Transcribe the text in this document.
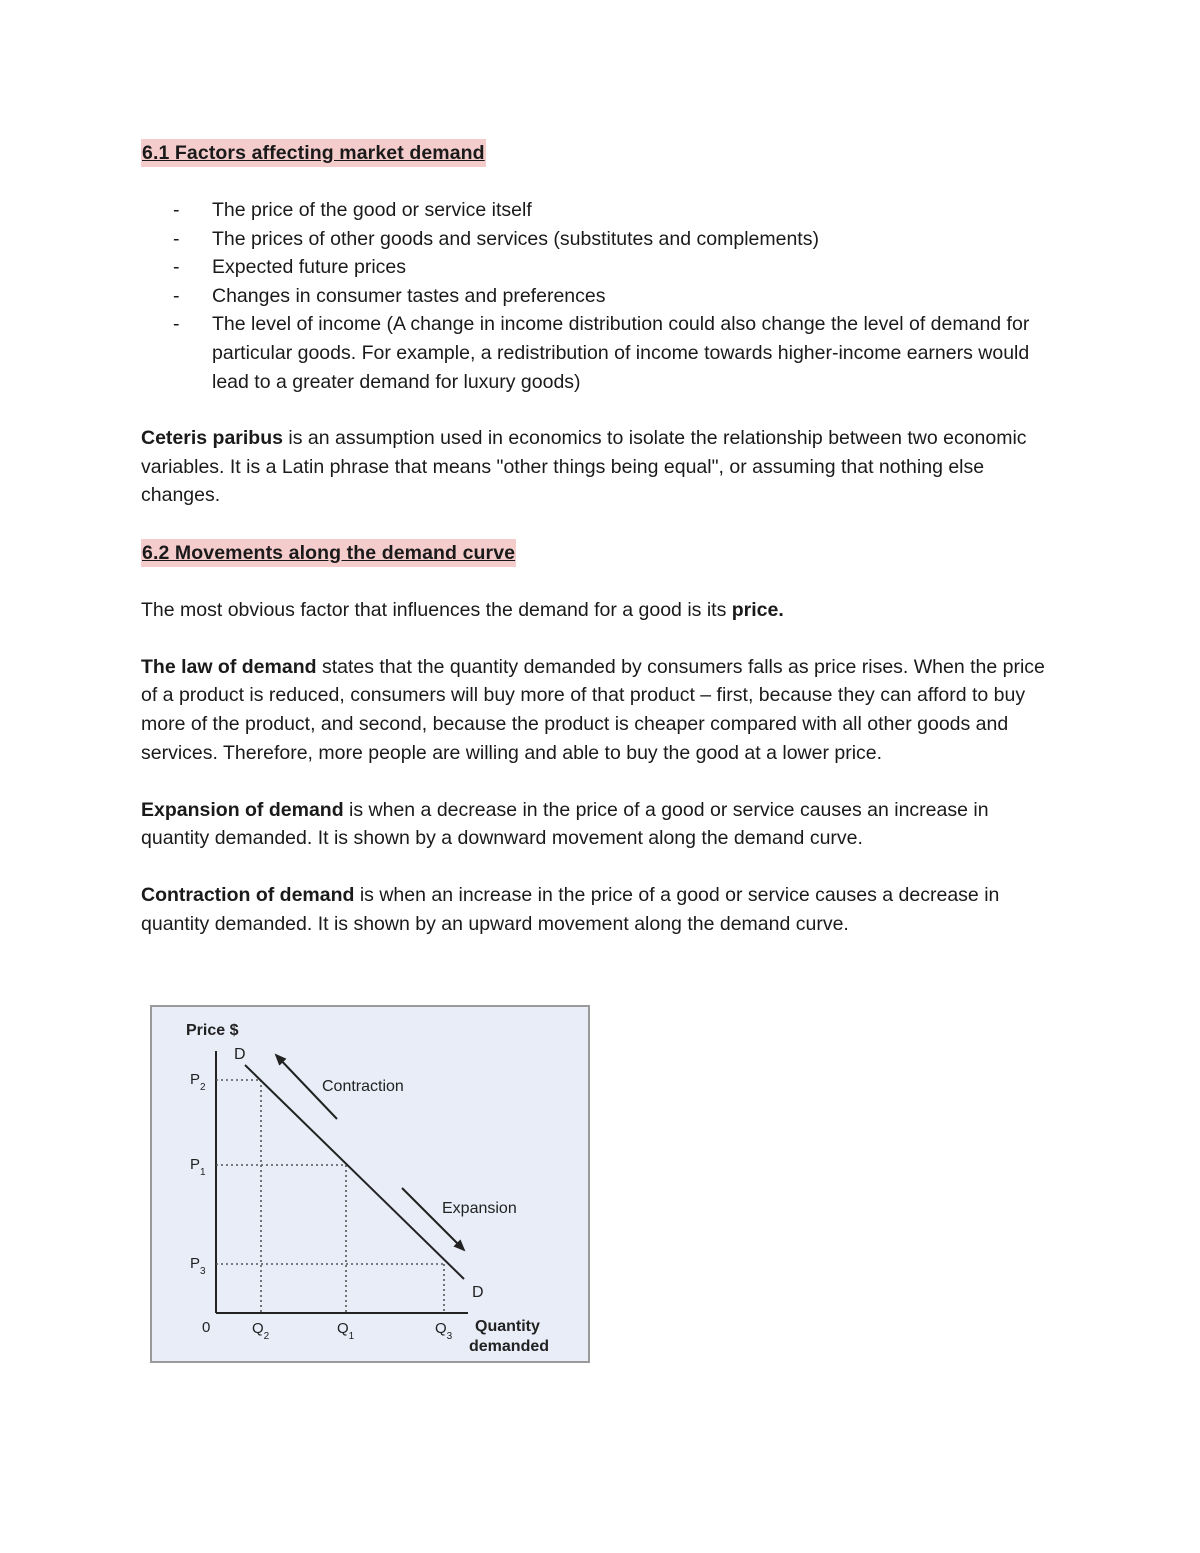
6.1 Factors affecting market demand
- The price of the good or service itself
- The prices of other goods and services (substitutes and complements)
- Expected future prices
- Changes in consumer tastes and preferences
- The level of income (A change in income distribution could also change the level of demand for particular goods. For example, a redistribution of income towards higher-income earners would lead to a greater demand for luxury goods)

Ceteris paribus is an assumption used in economics to isolate the relationship between two economic variables. It is a Latin phrase that means "other things being equal", or assuming that nothing else changes.

6.2 Movements along the demand curve

The most obvious factor that influences the demand for a good is its price.

The law of demand states that the quantity demanded by consumers falls as price rises. When the price of a product is reduced, consumers will buy more of that product – first, because they can afford to buy more of the product, and second, because the product is cheaper compared with all other goods and services. Therefore, more people are willing and able to buy the good at a lower price.

Expansion of demand is when a decrease in the price of a good or service causes an increase in quantity demanded. It is shown by a downward movement along the demand curve.

Contraction of demand is when an increase in the price of a good or service causes a decrease in quantity demanded. It is shown by an upward movement along the demand curve.

Price $
D
D
Contraction
Expansion
0
$P_2$
$P_1$
$P_3$
$Q_2$	$Q_1$	$Q_3$
Quantity
demanded
